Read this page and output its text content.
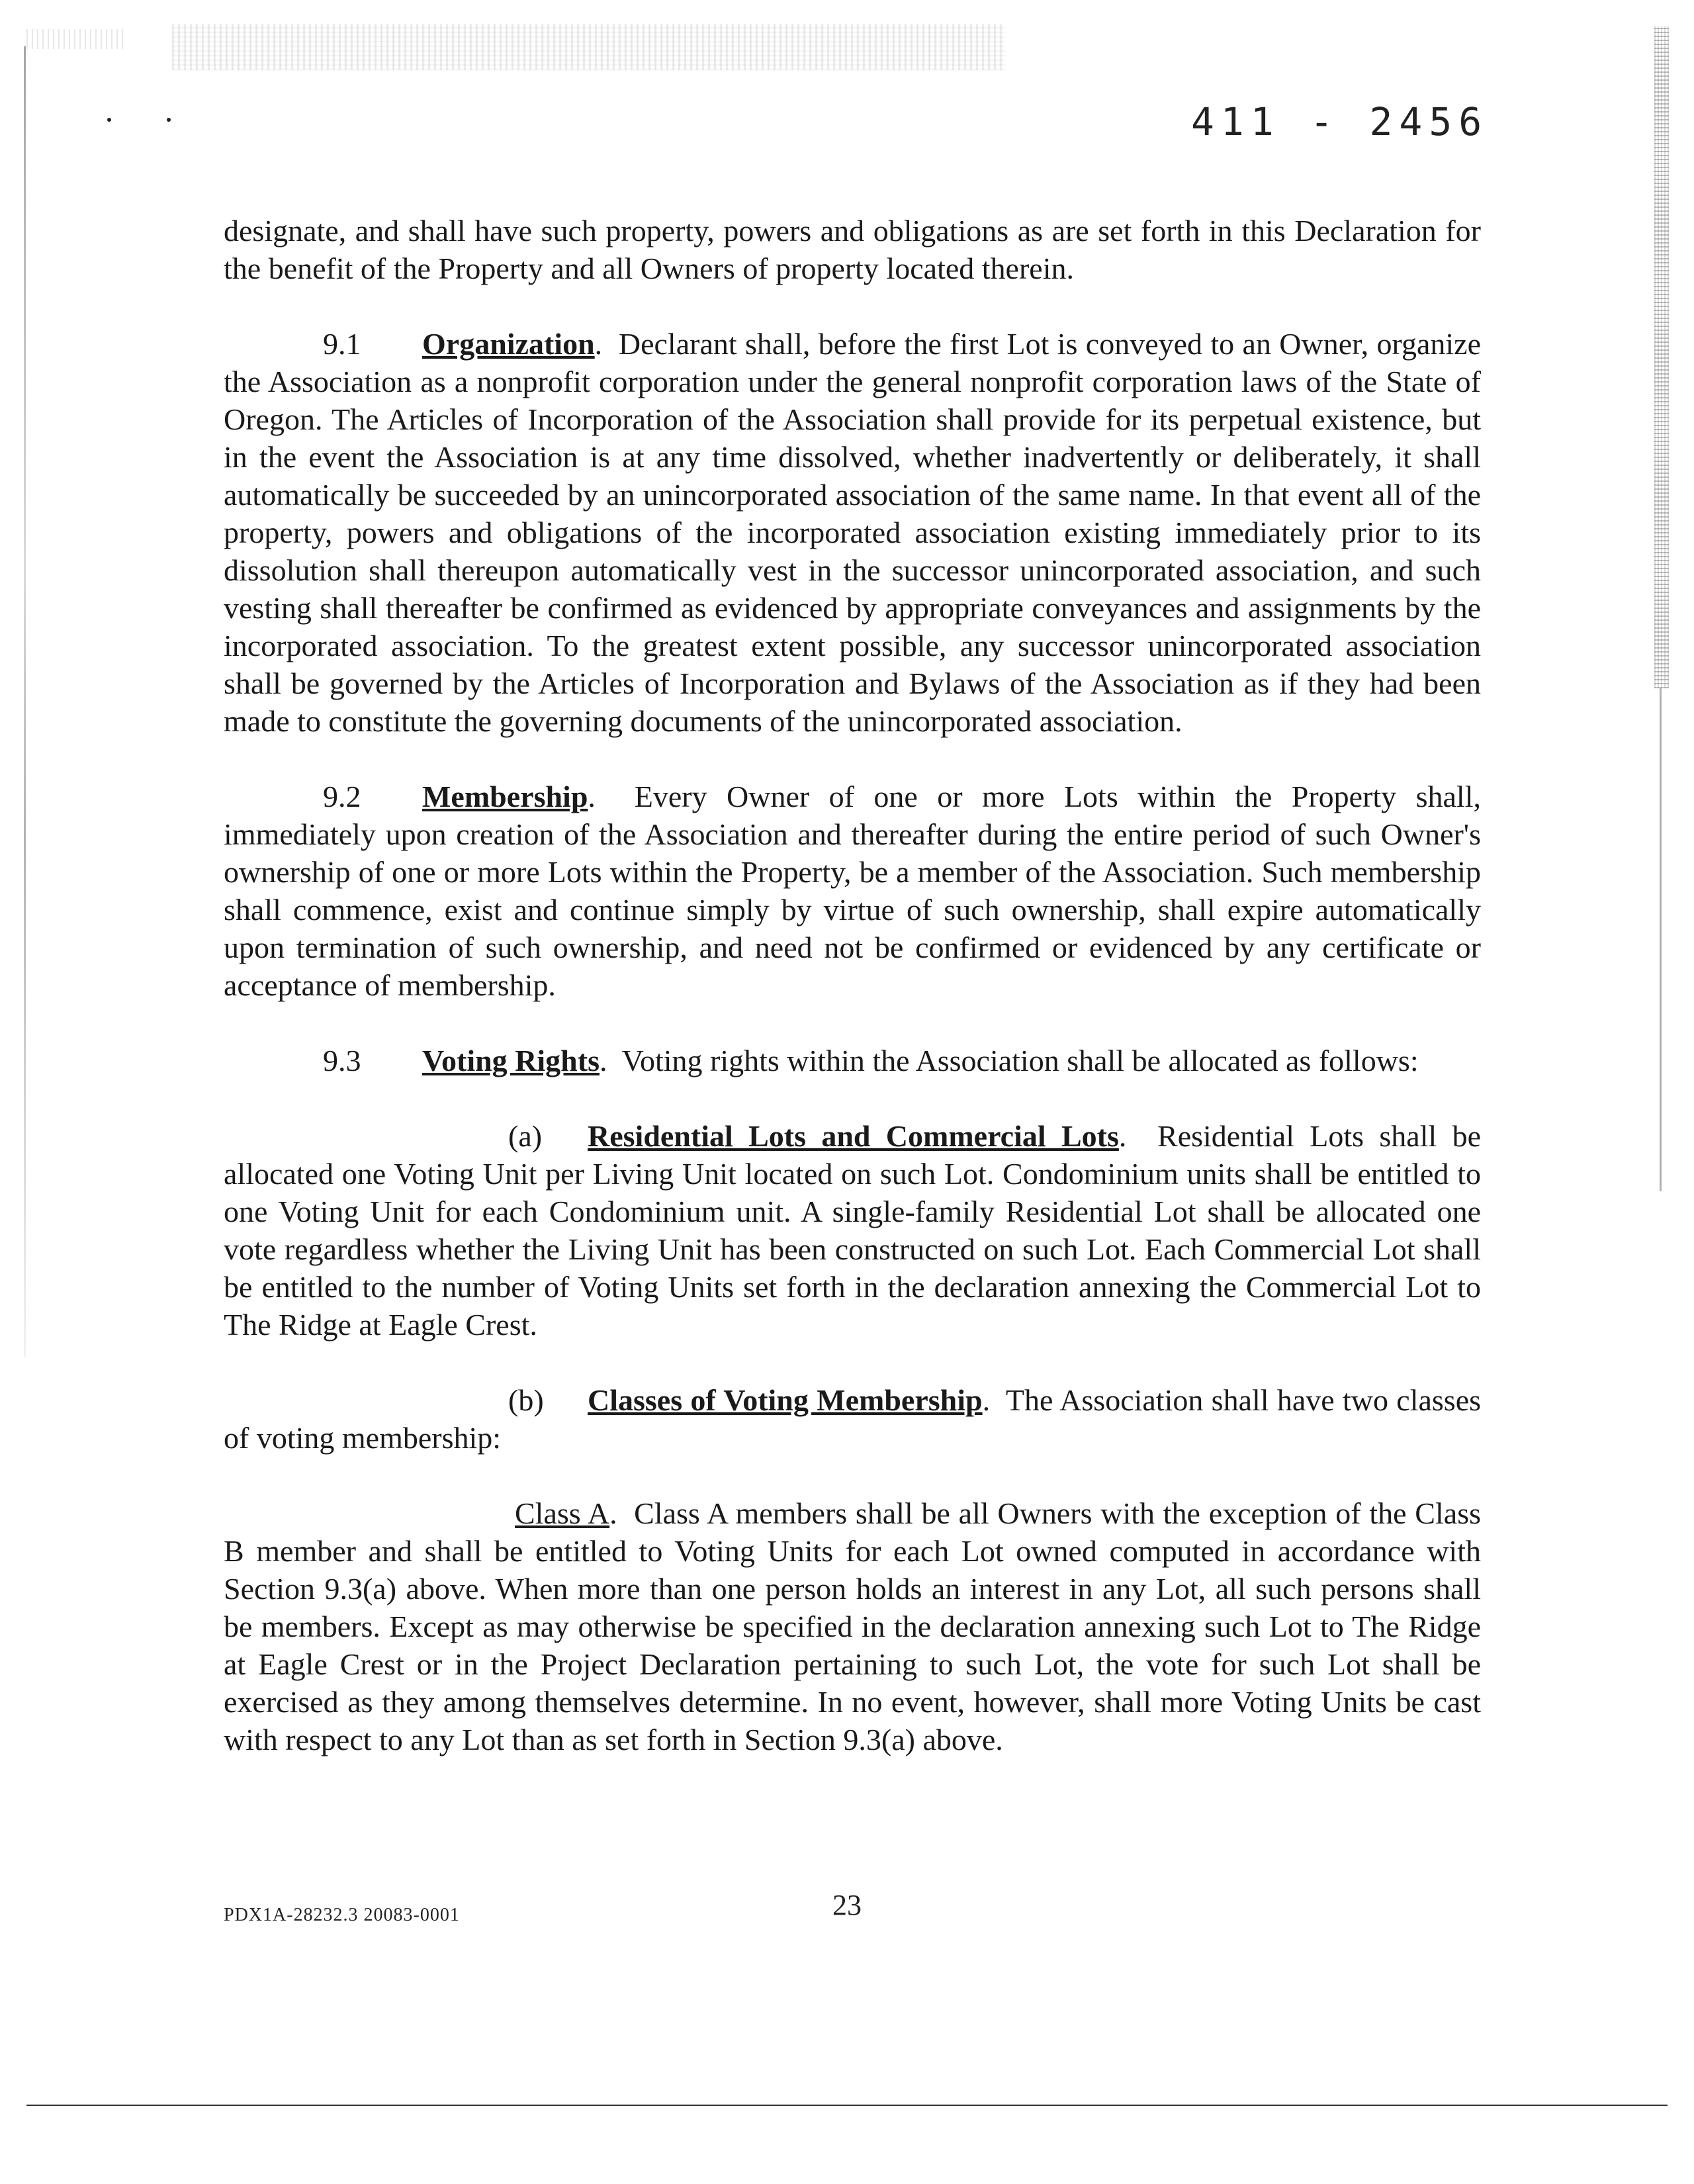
411 - 2456

designate, and shall have such property, powers and obligations as are set forth in this Declaration for the benefit of the Property and all Owners of property located therein.

9.1 Organization.  Declarant shall, before the first Lot is conveyed to an Owner, organize the Association as a nonprofit corporation under the general nonprofit corporation laws of the State of Oregon. The Articles of Incorporation of the Association shall provide for its perpetual existence, but in the event the Association is at any time dissolved, whether inadvertently or deliberately, it shall automatically be succeeded by an unincorporated association of the same name. In that event all of the property, powers and obligations of the incorporated association existing immediately prior to its dissolution shall thereupon automatically vest in the successor unincorporated association, and such vesting shall thereafter be confirmed as evidenced by appropriate conveyances and assignments by the incorporated association. To the greatest extent possible, any successor unincorporated association shall be governed by the Articles of Incorporation and Bylaws of the Association as if they had been made to constitute the governing documents of the unincorporated association.

9.2 Membership.  Every Owner of one or more Lots within the Property shall, immediately upon creation of the Association and thereafter during the entire period of such Owner's ownership of one or more Lots within the Property, be a member of the Association. Such membership shall commence, exist and continue simply by virtue of such ownership, shall expire automatically upon termination of such ownership, and need not be confirmed or evidenced by any certificate or acceptance of membership.

9.3 Voting Rights.  Voting rights within the Association shall be allocated as follows:

(a) Residential Lots and Commercial Lots.  Residential Lots shall be allocated one Voting Unit per Living Unit located on such Lot. Condominium units shall be entitled to one Voting Unit for each Condominium unit. A single-family Residential Lot shall be allocated one vote regardless whether the Living Unit has been constructed on such Lot. Each Commercial Lot shall be entitled to the number of Voting Units set forth in the declaration annexing the Commercial Lot to The Ridge at Eagle Crest.

(b) Classes of Voting Membership.  The Association shall have two classes of voting membership:

Class A.  Class A members shall be all Owners with the exception of the Class B member and shall be entitled to Voting Units for each Lot owned computed in accordance with Section 9.3(a) above. When more than one person holds an interest in any Lot, all such persons shall be members. Except as may otherwise be specified in the declaration annexing such Lot to The Ridge at Eagle Crest or in the Project Declaration pertaining to such Lot, the vote for such Lot shall be exercised as they among themselves determine. In no event, however, shall more Voting Units be cast with respect to any Lot than as set forth in Section 9.3(a) above.

PDX1A-28232.3 20083-0001	23
